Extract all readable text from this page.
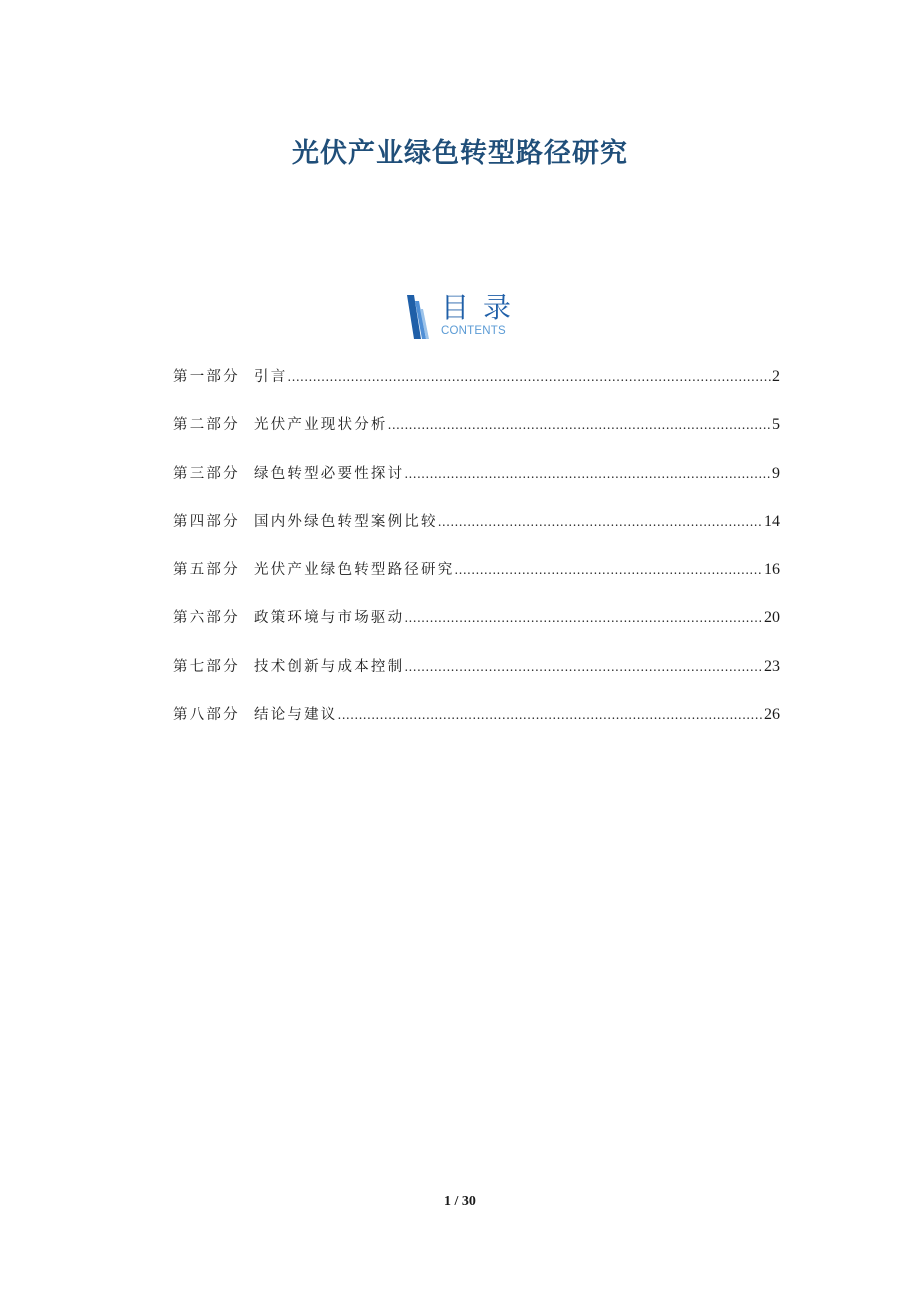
光伏产业绿色转型路径研究
目录
CONTENTS
第一部分 引言 .....	2
第二部分 光伏产业现状分析 .....	5
第三部分 绿色转型必要性探讨 .....	9
第四部分 国内外绿色转型案例比较 .....	14
第五部分 光伏产业绿色转型路径研究 .....	16
第六部分 政策环境与市场驱动 .....	20
第七部分 技术创新与成本控制 .....	23
第八部分 结论与建议 .....	26
1 / 30
